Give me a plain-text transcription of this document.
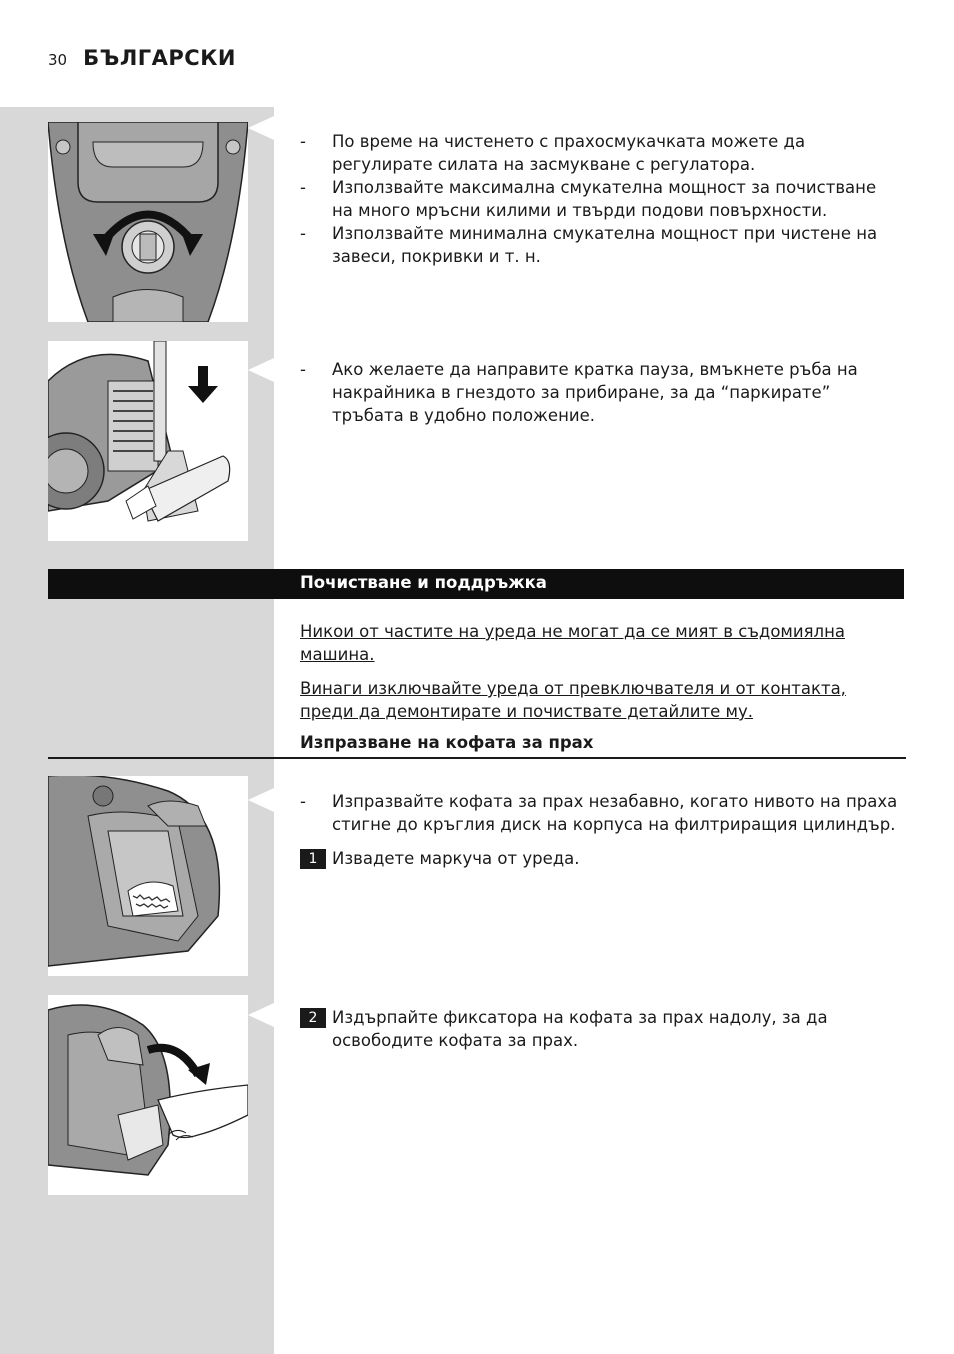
30 БЪЛГАРСКИ
- По време на чистенето с прахосмукачката можете да регулирате силата на засмукване с регулатора.
- Използвайте максимална смукателна мощност за почистване на много мръсни килими и твърди подови повърхности.
- Използвайте минимална смукателна мощност при чистене на завеси, покривки и т. н.
- Ако желаете да направите кратка пауза, вмъкнете ръба на накрайника в гнездото за прибиране, за да “паркирате” тръбата в удобно положение.
Почистване и поддръжка
Никои от частите на уреда не могат да се мият в съдомиялна машина.
Винаги изключвайте уреда от превключвателя и от контакта, преди да демонтирате и почиствате детайлите му.
Изпразване на кофата за прах
- Изпразвайте кофата за прах незабавно, когато нивото на праха стигне до кръглия диск на корпуса на филтриращия цилиндър.
1 Извадете маркуча от уреда.
2 Издърпайте фиксатора на кофата за прах надолу, за да освободите кофата за прах.
